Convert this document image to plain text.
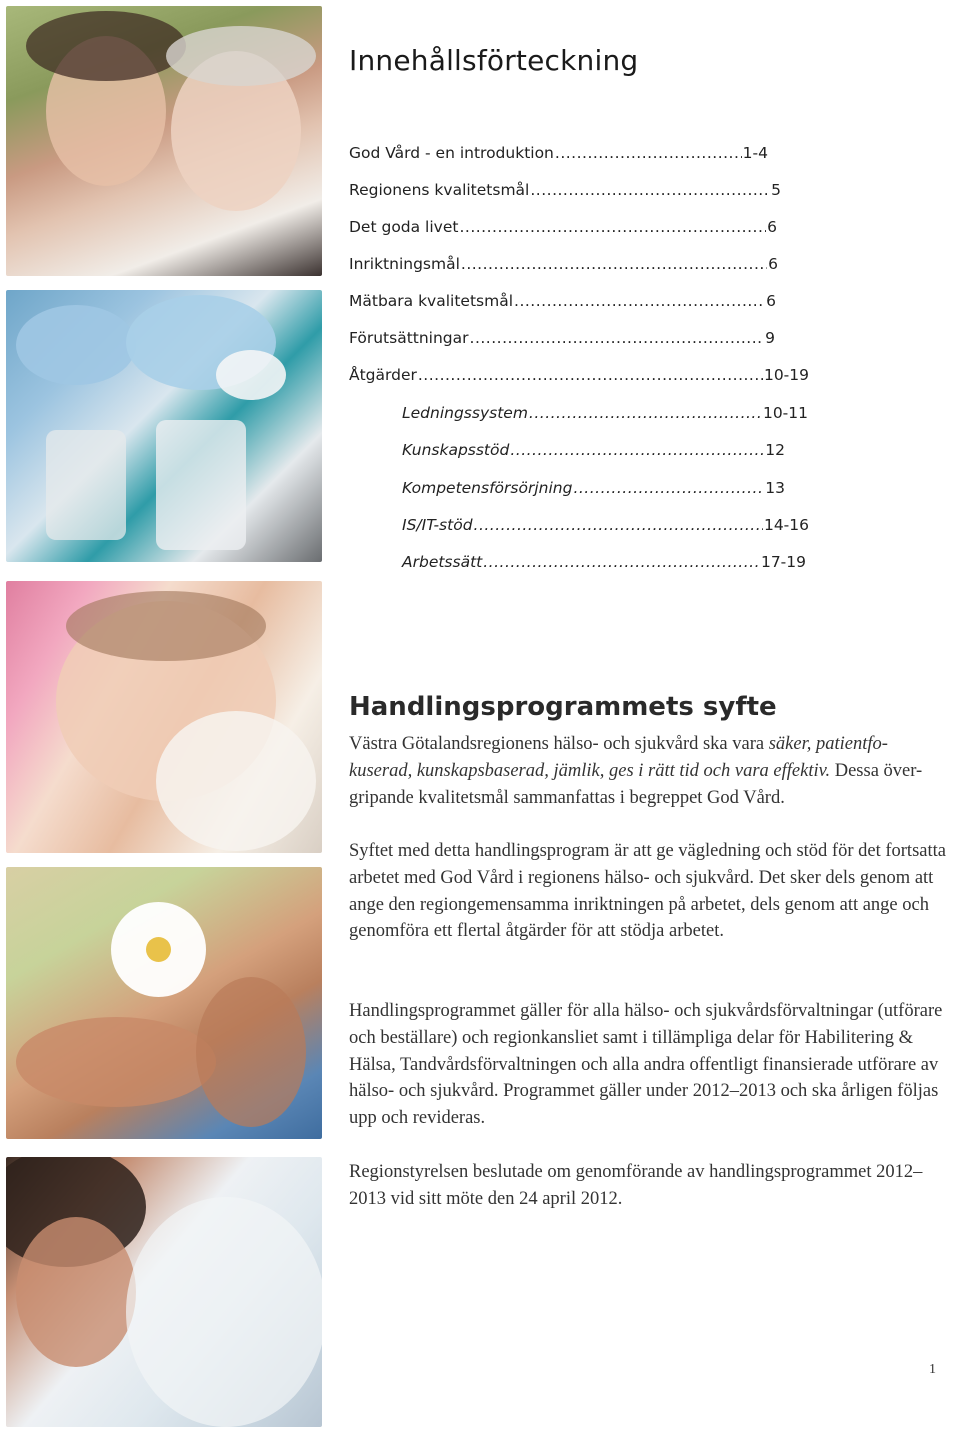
Innehållsförteckning
God Vård - en introduktion .....	1-4
Regionens kvalitetsmål .....	5
Det goda livet .....	6
Inriktningsmål .....	6
Mätbara kvalitetsmål .....	6
Förutsättningar .....	9
Åtgärder .....	10-19
Ledningssystem .....	10-11
Kunskapsstöd .....	12
Kompetensförsörjning .....	13
IS/IT-stöd .....	14-16
Arbetssätt .....	17-19
Handlingsprogrammets syfte

Västra Götalandsregionens hälso- och sjukvård ska vara säker, patientfo-kuserad, kunskapsbaserad, jämlik, ges i rätt tid och vara effektiv. Dessa över-gripande kvalitetsmål sammanfattas i begreppet God Vård.

Syftet med detta handlingsprogram är att ge vägledning och stöd för det fortsatta arbetet med God Vård i regionens hälso- och sjukvård. Det sker dels genom att ange den regiongemensamma inriktningen på arbetet, dels genom att ange och genomföra ett flertal åtgärder för att stödja arbetet.

Handlingsprogrammet gäller för alla hälso- och sjukvårdsförvaltningar (utförare och beställare) och regionkansliet samt i tillämpliga delar för Habilitering & Hälsa, Tandvårdsförvaltningen och alla andra offentligt finansierade utförare av hälso- och sjukvård. Programmet gäller under 2012–2013 och ska årligen följas upp och revideras.

Regionstyrelsen beslutade om genomförande av handlingsprogrammet 2012–2013 vid sitt möte den 24 april 2012.

1
